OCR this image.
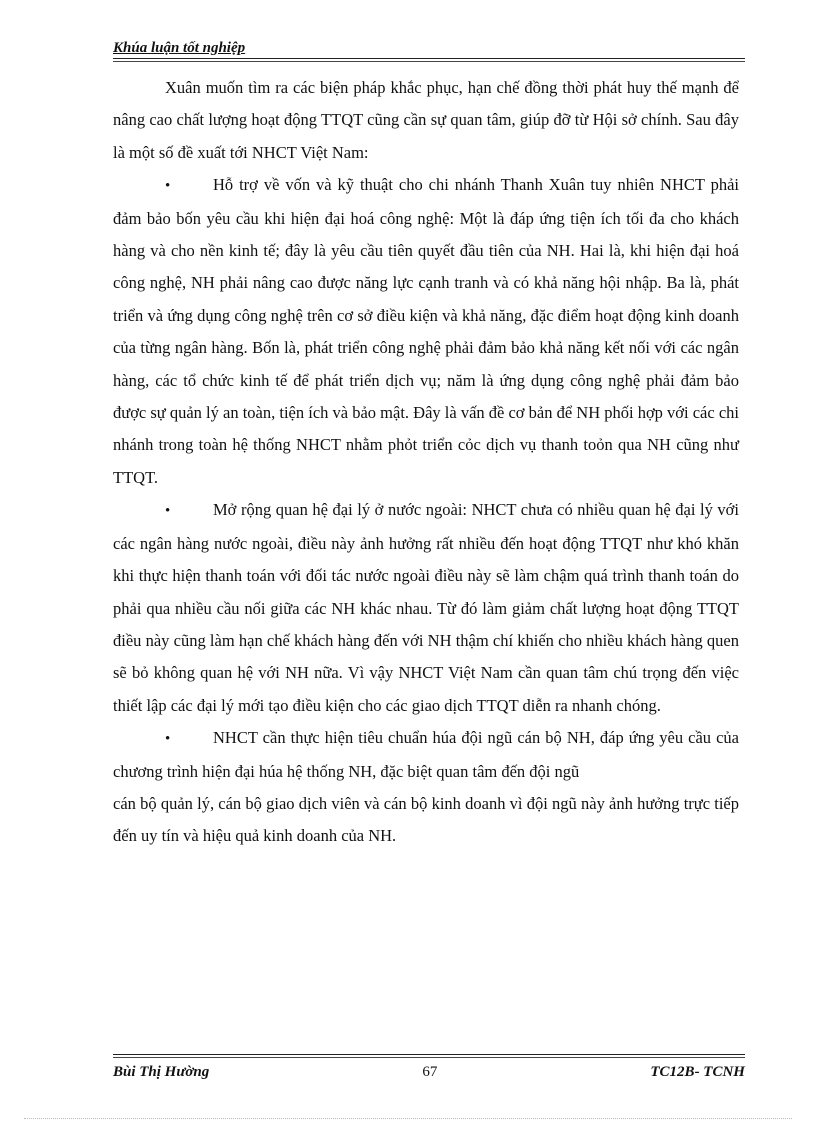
Khúa luận tốt nghiệp

Xuân muốn tìm ra các biện pháp khắc phục, hạn chế đồng thời phát huy thế mạnh để nâng cao chất lượng hoạt động TTQT cũng cần sự quan tâm, giúp đỡ từ Hội sở chính. Sau đây là một số đề xuất tới NHCT Việt Nam:

•	Hỗ trợ về vốn và kỹ thuật cho chi nhánh Thanh Xuân tuy nhiên NHCT phải đảm bảo bốn yêu cầu khi hiện đại hoá công nghệ: Một là đáp ứng tiện ích tối đa cho khách hàng và cho nền kinh tế; đây là yêu cầu tiên quyết đầu tiên của NH. Hai là, khi hiện đại hoá công nghệ, NH phải nâng cao được năng lực cạnh tranh và có khả năng hội nhập. Ba là, phát triển và ứng dụng công nghệ trên cơ sở điều kiện và khả năng, đặc điểm hoạt động kinh doanh của từng ngân hàng. Bốn là, phát triển công nghệ phải đảm bảo khả năng kết nối với các ngân hàng, các tổ chức kinh tế để phát triển dịch vụ; năm là ứng dụng công nghệ phải đảm bảo được sự quản lý an toàn, tiện ích và bảo mật. Đây là vấn đề cơ bản để NH phối hợp với các chi nhánh trong toàn hệ thống NHCT nhằm phỏt triển cỏc dịch vụ thanh toỏn qua NH cũng như TTQT.

•	Mở rộng quan hệ đại lý ở nước ngoài: NHCT chưa có nhiều quan hệ đại lý với các ngân hàng nước ngoài, điều này ảnh hưởng rất nhiều đến hoạt động TTQT như khó khăn khi thực hiện thanh toán với đối tác nước ngoài điều này sẽ làm chậm quá trình thanh toán do phải qua nhiều cầu nối giữa các NH khác nhau. Từ đó làm giảm chất lượng hoạt động TTQT điều này cũng làm hạn chế khách hàng đến với NH thậm chí khiến cho nhiều khách hàng quen sẽ bỏ không quan hệ với NH nữa. Vì vậy NHCT Việt Nam cần quan tâm chú trọng đến việc thiết lập các đại lý mới tạo điều kiện cho các giao dịch TTQT diễn ra nhanh chóng.

•	NHCT cần thực hiện tiêu chuẩn húa đội ngũ cán bộ NH, đáp ứng yêu cầu của chương trình hiện đại húa hệ thống NH, đặc biệt quan tâm đến đội ngũ

cán bộ quản lý, cán bộ giao dịch viên và cán bộ kinh doanh vì đội ngũ này ảnh hưởng trực tiếp đến uy tín và hiệu quả kinh doanh của NH.

Bùi Thị Hường	67	TC12B- TCNH
